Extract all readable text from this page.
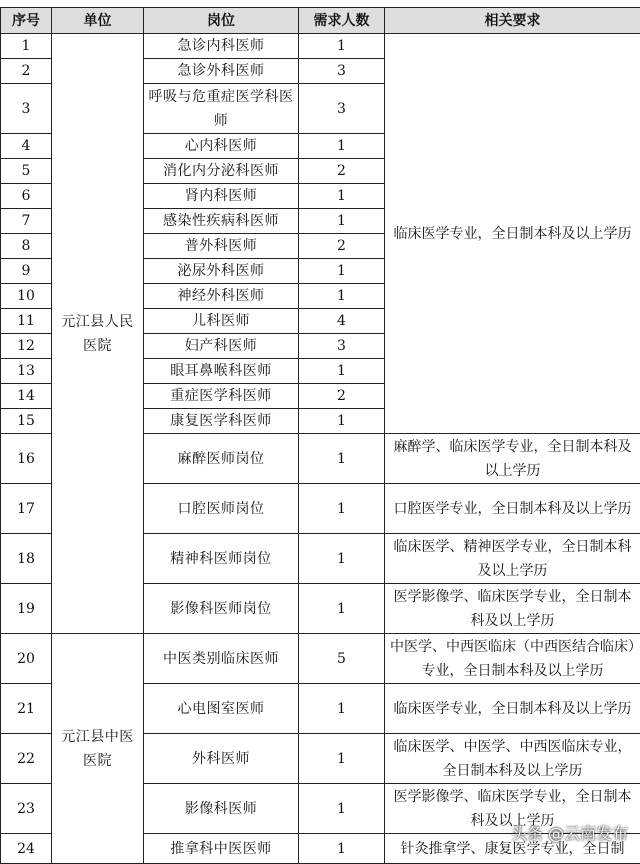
序号	单位	岗位	需求人数	相关要求
1	元江县人民医院	急诊内科医师	1	临床医学专业，全日制本科及以上学历
2		急诊外科医师	3	
3		呼吸与危重症医学科医师	3	
4		心内科医师	1	
5		消化内分泌科医师	2	
6		肾内科医师	1	
7		感染性疾病科医师	1	
8		普外科医师	2	
9		泌尿外科医师	1	
10		神经外科医师	1	
11		儿科医师	4	
12		妇产科医师	3	
13		眼耳鼻喉科医师	1	
14		重症医学科医师	2	
15		康复医学科医师	1	
16		麻醉医师岗位	1	麻醉学、临床医学专业，全日制本科及以上学历
17		口腔医师岗位	1	口腔医学专业，全日制本科及以上学历
18		精神科医师岗位	1	临床医学、精神医学专业，全日制本科及以上学历
19		影像科医师岗位	1	医学影像学、临床医学专业，全日制本科及以上学历
20	元江县中医医院	中医类别临床医师	5	中医学、中西医临床（中西医结合临床）专业，全日制本科及以上学历
21		心电图室医师	1	临床医学专业，全日制本科及以上学历
22		外科医师	1	临床医学、中医学、中西医临床专业，全日制本科及以上学历
23		影像科医师	1	医学影像学、临床医学专业，全日制本科及以上学历
24		推拿科中医医师	1	针灸推拿学、康复医学专业，全日制
头条 @云南发布
